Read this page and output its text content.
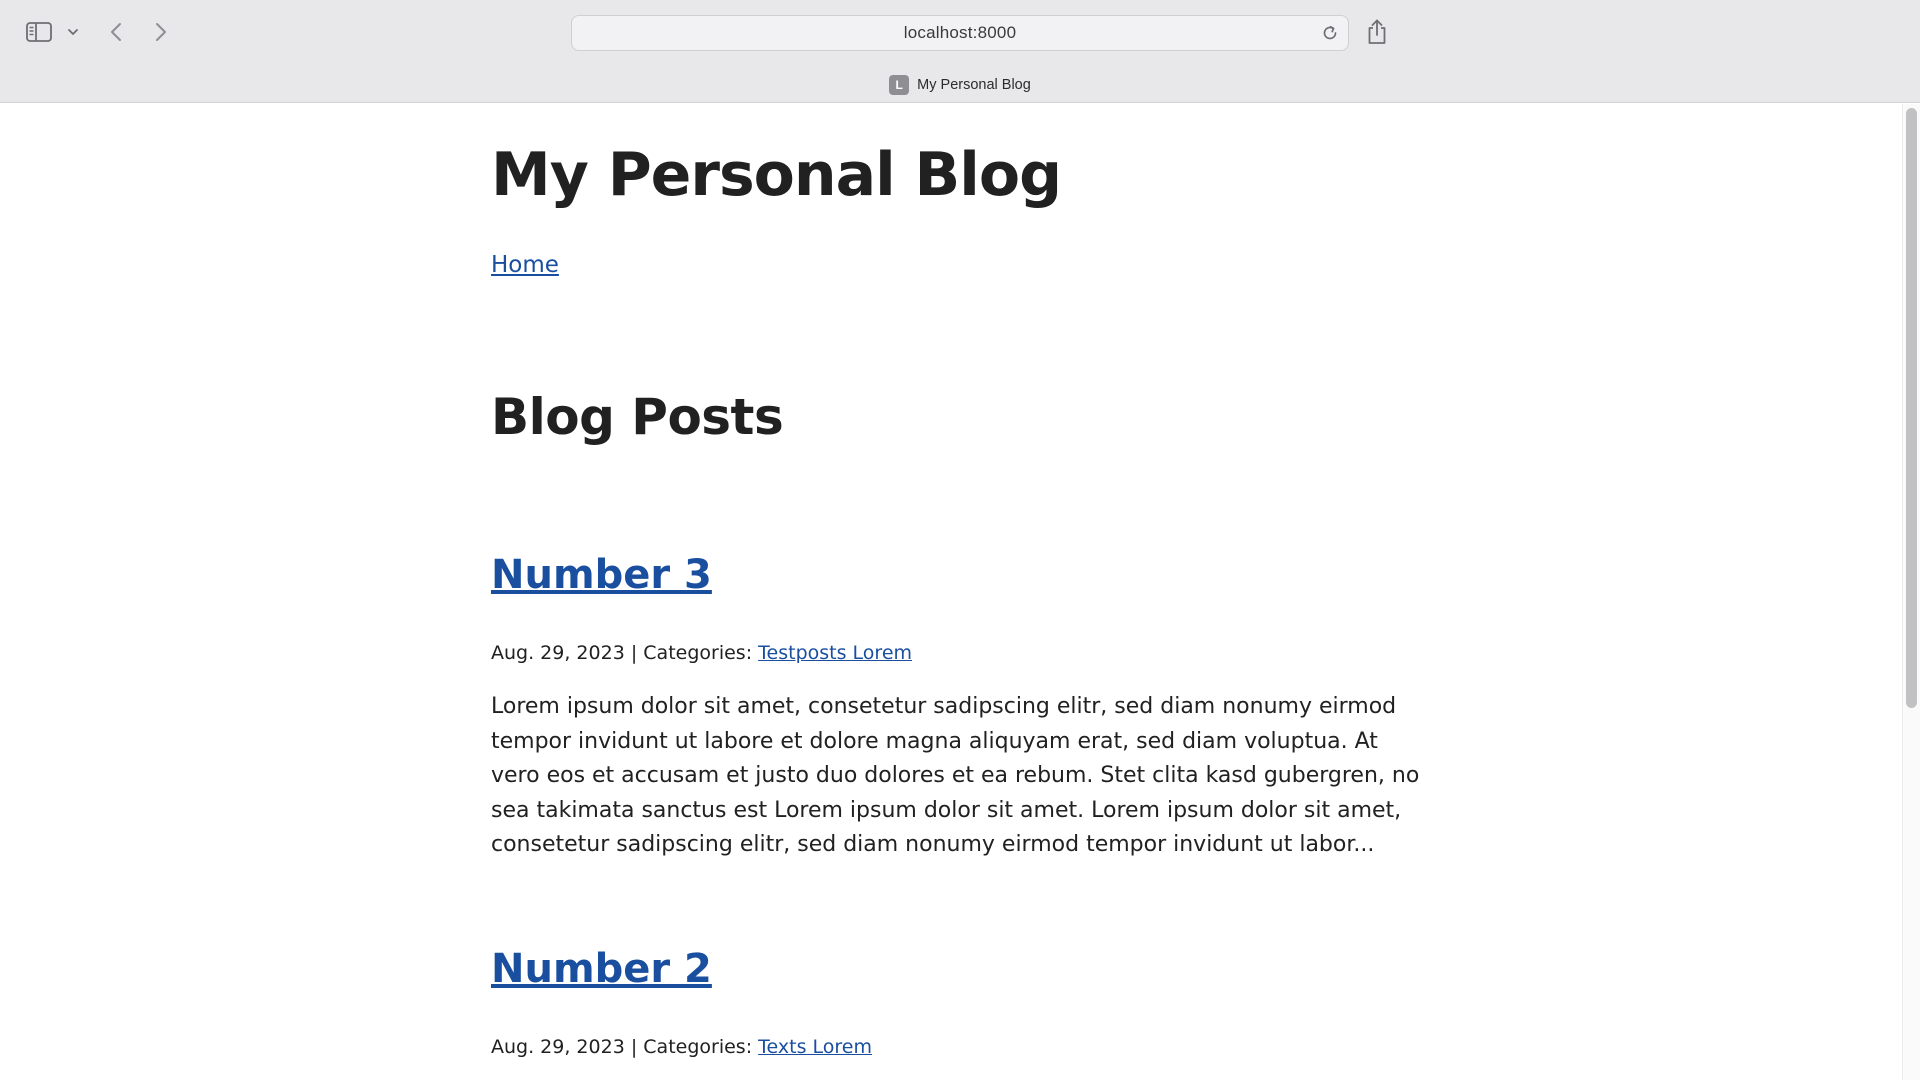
localhost:8000
L My Personal Blog
My Personal Blog
Home
Blog Posts
Number 3
Aug. 29, 2023 | Categories: Testposts Lorem

Lorem ipsum dolor sit amet, consetetur sadipscing elitr, sed diam nonumy eirmod tempor invidunt ut labore et dolore magna aliquyam erat, sed diam voluptua. At vero eos et accusam et justo duo dolores et ea rebum. Stet clita kasd gubergren, no sea takimata sanctus est Lorem ipsum dolor sit amet. Lorem ipsum dolor sit amet, consetetur sadipscing elitr, sed diam nonumy eirmod tempor invidunt ut labor...

Number 2
Aug. 29, 2023 | Categories: Texts Lorem
